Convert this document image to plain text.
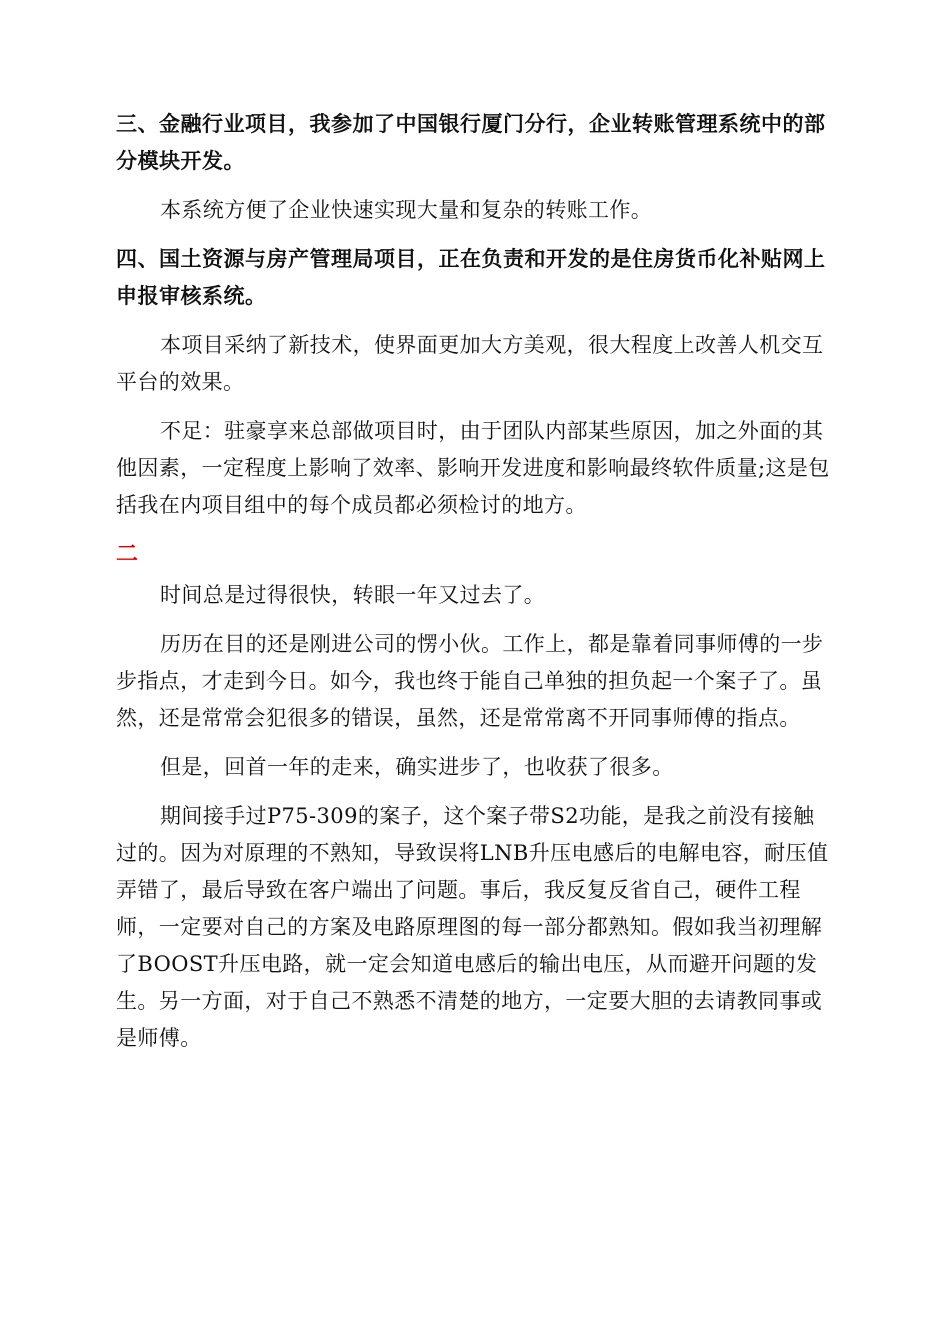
三、金融行业项目，我参加了中国银行厦门分行，企业转账管理系统中的部分模块开发。

本系统方便了企业快速实现大量和复杂的转账工作。

四、国土资源与房产管理局项目，正在负责和开发的是住房货币化补贴网上申报审核系统。

本项目采纳了新技术，使界面更加大方美观，很大程度上改善人机交互平台的效果。

不足：驻豪享来总部做项目时，由于团队内部某些原因，加之外面的其他因素，一定程度上影响了效率、影响开发进度和影响最终软件质量;这是包括我在内项目组中的每个成员都必须检讨的地方。

二

时间总是过得很快，转眼一年又过去了。

历历在目的还是刚进公司的愣小伙。工作上，都是靠着同事师傅的一步步指点，才走到今日。如今，我也终于能自己单独的担负起一个案子了。虽然，还是常常会犯很多的错误，虽然，还是常常离不开同事师傅的指点。

但是，回首一年的走来，确实进步了，也收获了很多。

期间接手过P75-309的案子，这个案子带S2功能，是我之前没有接触过的。因为对原理的不熟知，导致误将LNB升压电感后的电解电容，耐压值弄错了，最后导致在客户端出了问题。事后，我反复反省自己，硬件工程师，一定要对自己的方案及电路原理图的每一部分都熟知。假如我当初理解了BOOST升压电路，就一定会知道电感后的输出电压，从而避开问题的发生。另一方面，对于自己不熟悉不清楚的地方，一定要大胆的去请教同事或是师傅。
